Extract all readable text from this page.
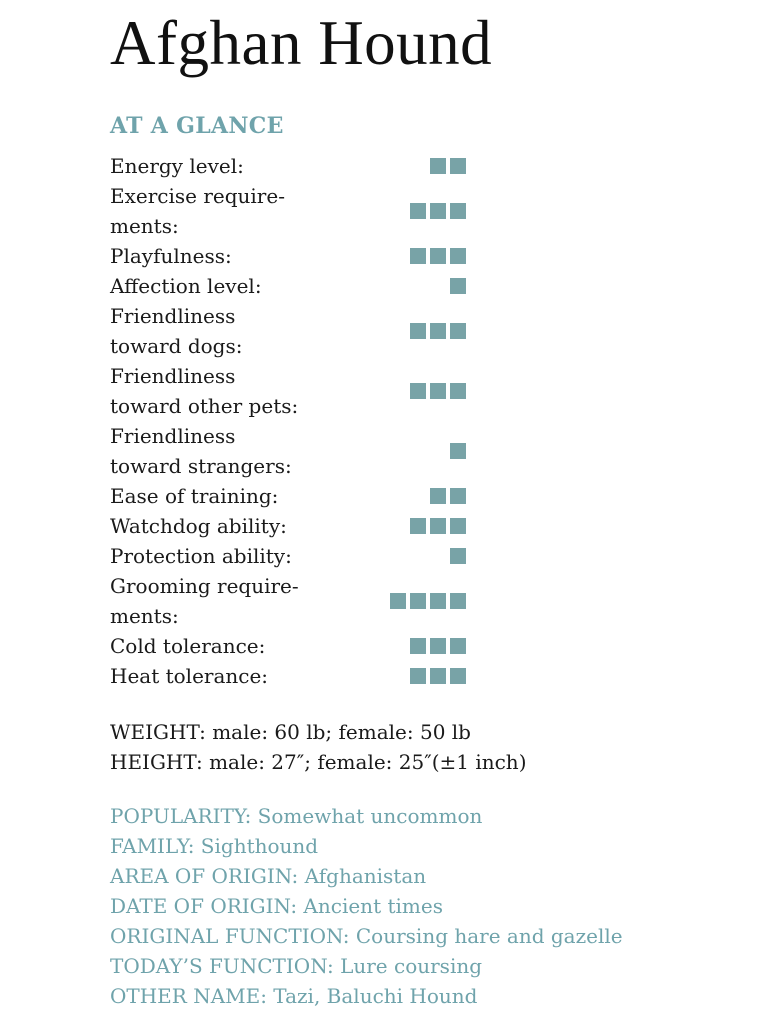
Afghan Hound
AT A GLANCE
Energy level:
Exercise require-
ments:
Playfulness:
Affection level:
Friendliness
toward dogs:
Friendliness
toward other pets:
Friendliness
toward strangers:
Ease of training:
Watchdog ability:
Protection ability:
Grooming require-
ments:
Cold tolerance:
Heat tolerance:
WEIGHT: male: 60 lb; female: 50 lb
HEIGHT: male: 27″; female: 25″(±1 inch)
POPULARITY: Somewhat uncommon
FAMILY: Sighthound
AREA OF ORIGIN: Afghanistan
DATE OF ORIGIN: Ancient times
ORIGINAL FUNCTION: Coursing hare and gazelle
TODAY’S FUNCTION: Lure coursing
OTHER NAME: Tazi, Baluchi Hound
